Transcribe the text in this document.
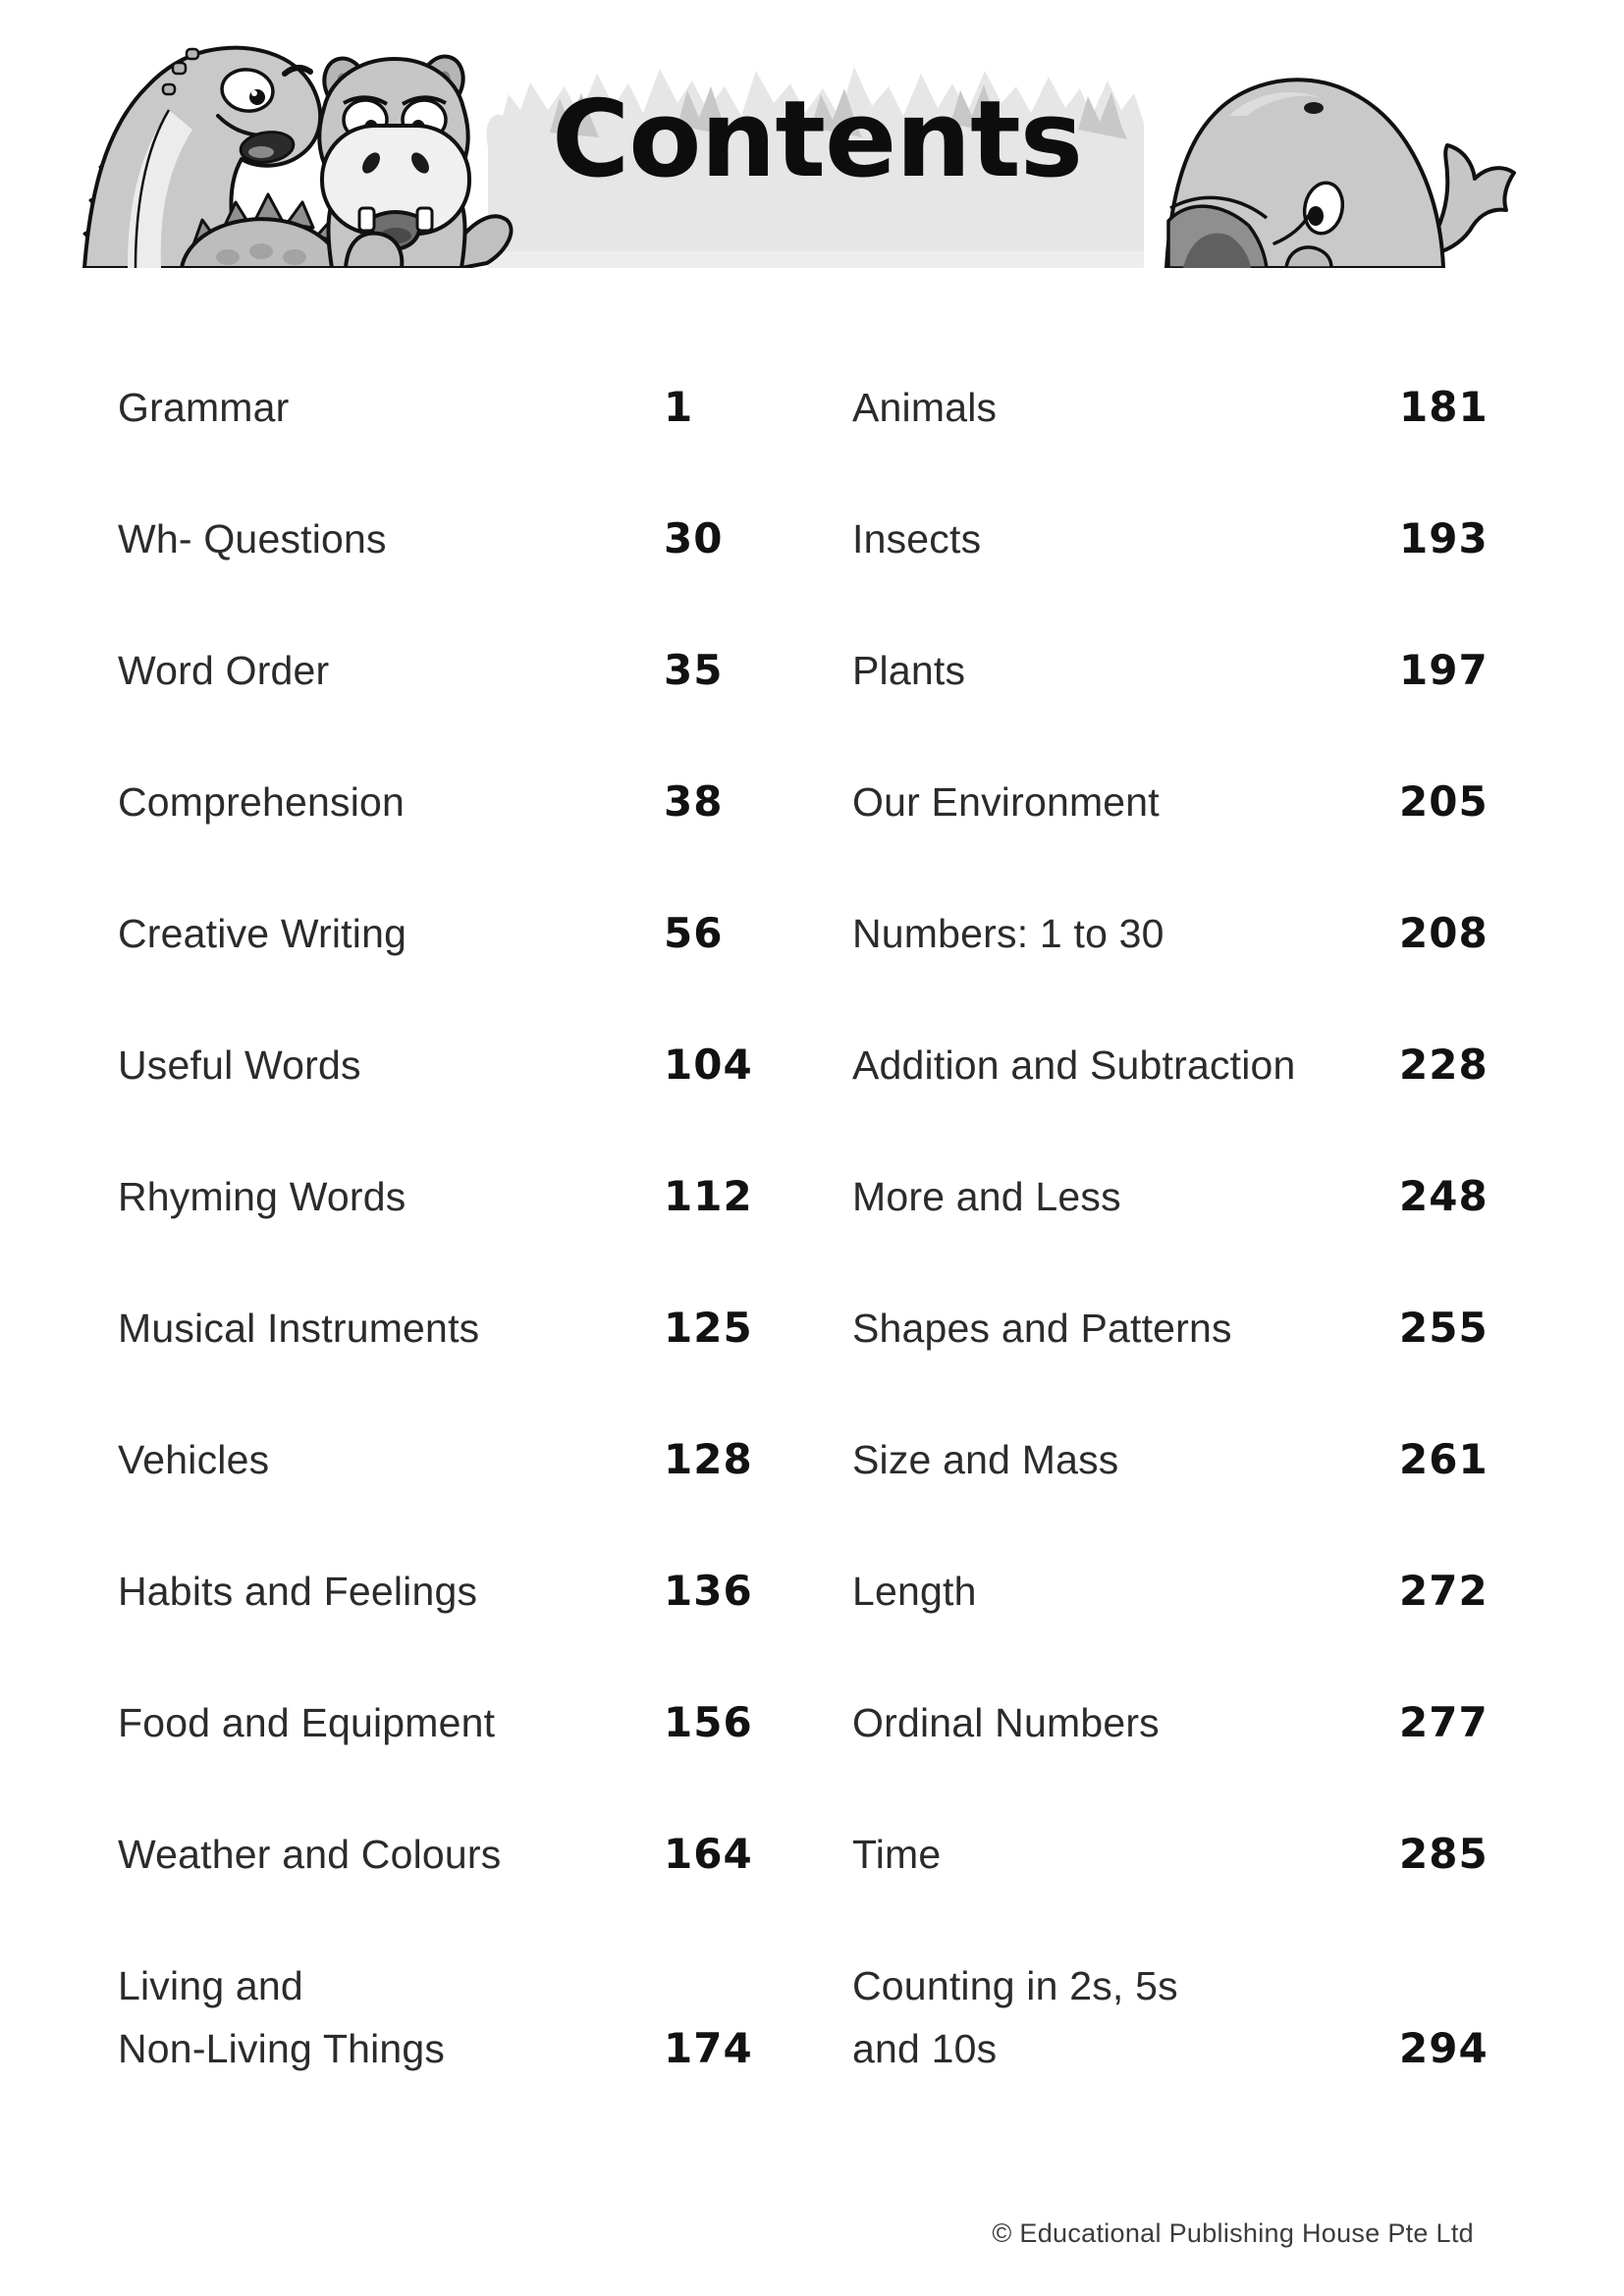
Contents
Grammar	1
Wh- Questions	30
Word Order	35
Comprehension	38
Creative Writing	56
Useful Words	104
Rhyming Words	112
Musical Instruments	125
Vehicles	128
Habits and Feelings	136
Food and Equipment	156
Weather and Colours	164
Living and
Non-Living Things	174
Animals	181
Insects	193
Plants	197
Our Environment	205
Numbers: 1 to 30	208
Addition and Subtraction	228
More and Less	248
Shapes and Patterns	255
Size and Mass	261
Length	272
Ordinal Numbers	277
Time	285
Counting in 2s, 5s
and 10s	294
© Educational Publishing House Pte Ltd
